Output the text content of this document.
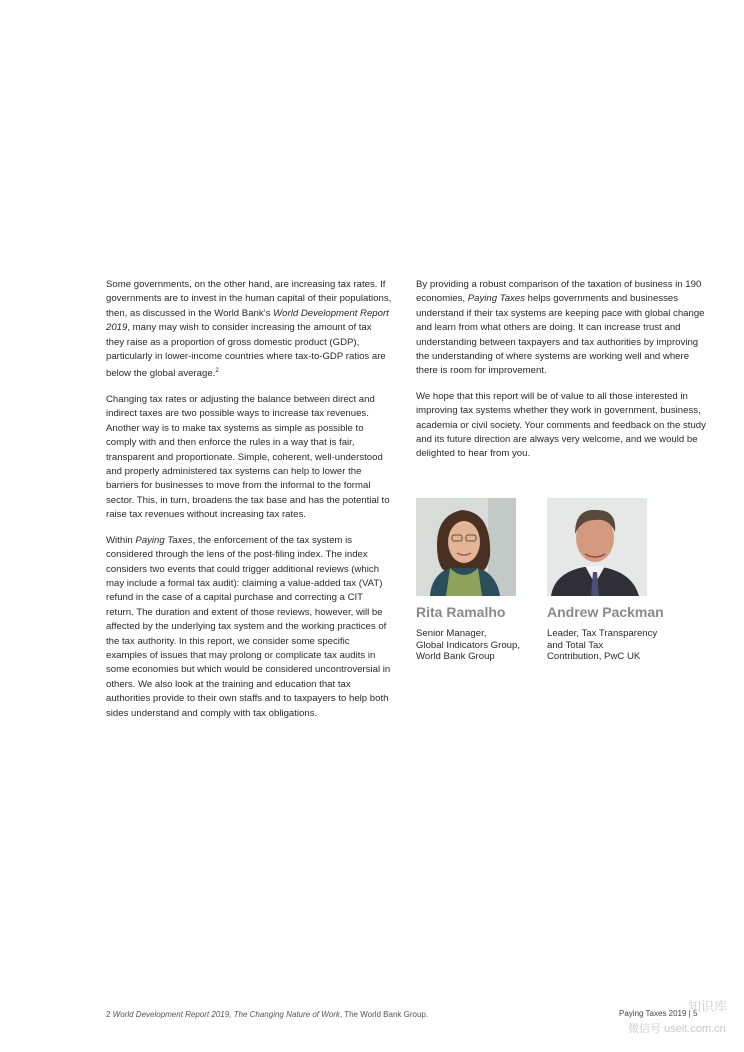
Some governments, on the other hand, are increasing tax rates. If governments are to invest in the human capital of their populations, then, as discussed in the World Bank’s World Development Report 2019, many may wish to consider increasing the amount of tax they raise as a proportion of gross domestic product (GDP), particularly in lower-income countries where tax-to-GDP ratios are below the global average.$^2$

Changing tax rates or adjusting the balance between direct and indirect taxes are two possible ways to increase tax revenues. Another way is to make tax systems as simple as possible to comply with and then enforce the rules in a way that is fair, transparent and proportionate. Simple, coherent, well-understood and properly administered tax systems can help to lower the barriers for businesses to move from the informal to the formal sector. This, in turn, broadens the tax base and has the potential to raise tax revenues without increasing tax rates.

Within Paying Taxes, the enforcement of the tax system is considered through the lens of the post-filing index. The index considers two events that could trigger additional reviews (which may include a formal tax audit): claiming a value-added tax (VAT) refund in the case of a capital purchase and correcting a CIT return. The duration and extent of those reviews, however, will be affected by the underlying tax system and the working practices of the tax authority. In this report, we consider some specific examples of issues that may prolong or complicate tax audits in some economies but which would be considered uncontroversial in others. We also look at the training and education that tax authorities provide to their own staffs and to taxpayers to help both sides understand and comply with tax obligations.

By providing a robust comparison of the taxation of business in 190 economies, Paying Taxes helps governments and businesses understand if their tax systems are keeping pace with global change and learn from what others are doing. It can increase trust and understanding between taxpayers and tax authorities by improving the understanding of where systems are working well and where there is room for improvement.

We hope that this report will be of value to all those interested in improving tax systems whether they work in government, business, academia or civil society. Your comments and feedback on the study and its future direction are always very welcome, and we would be delighted to hear from you.

Rita Ramalho
Senior Manager,
Global Indicators Group,
World Bank Group
Andrew Packman
Leader, Tax Transparency
and Total Tax
Contribution, PwC UK
2 World Development Report 2019, The Changing Nature of Work, The World Bank Group.	Paying Taxes 2019 | 5
知识库
微信号 useit.com.cn
